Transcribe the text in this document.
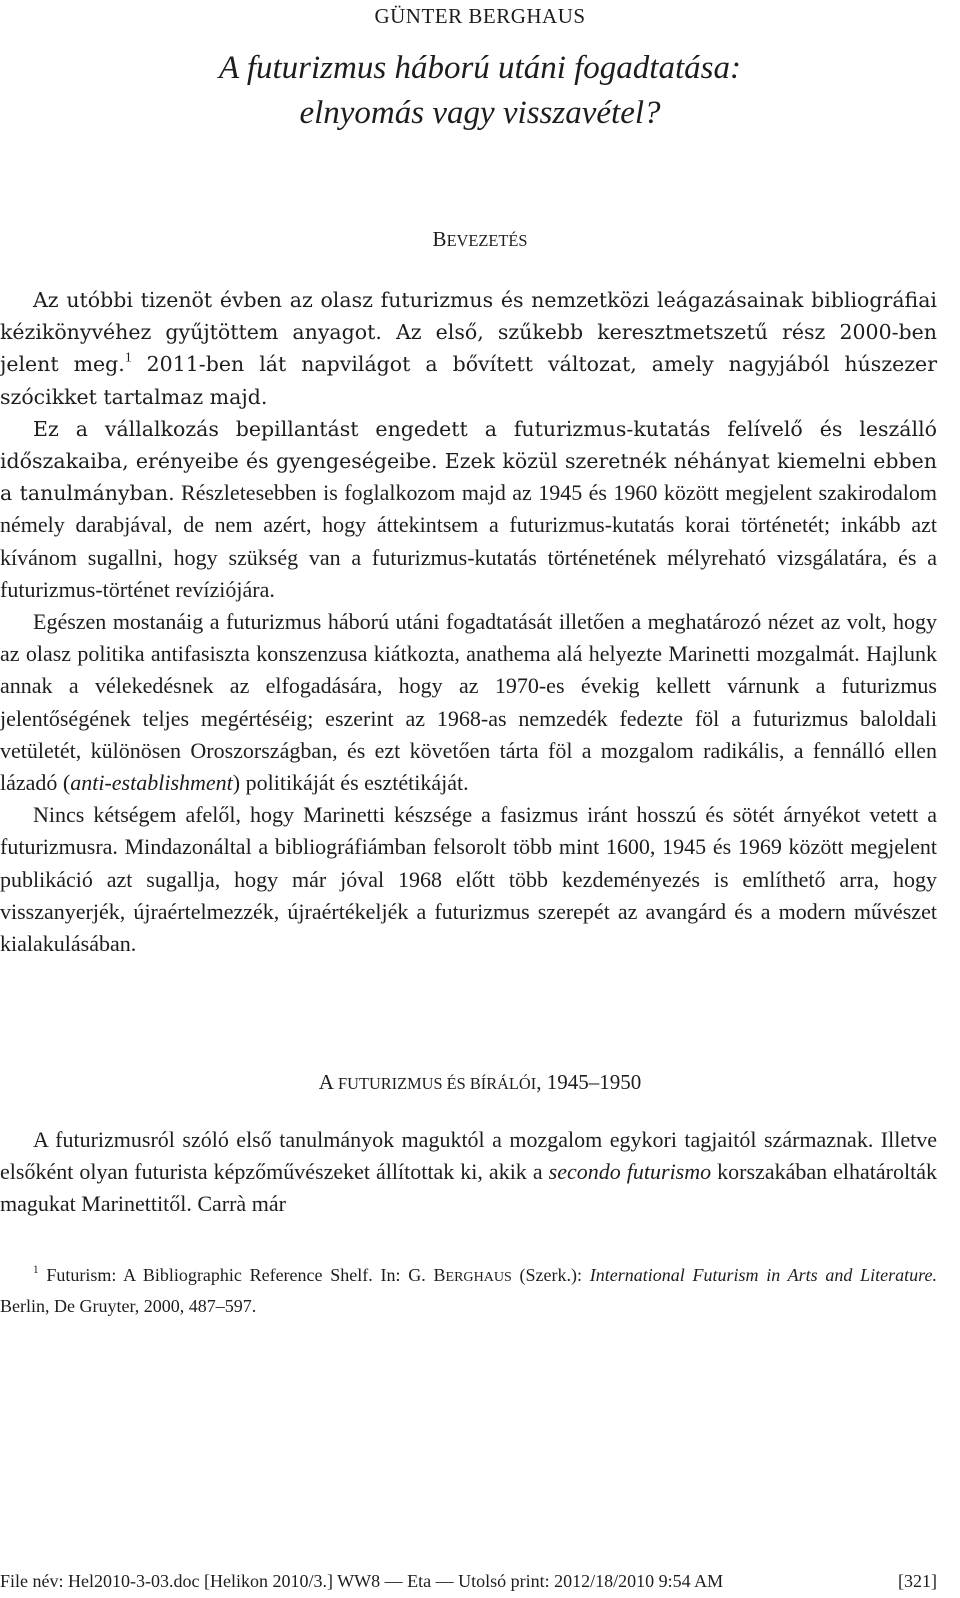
GÜNTER BERGHAUS
A futurizmus háború utáni fogadtatása:
elnyomás vagy visszavétel?
BEVEZETÉS

Az utóbbi tizenöt évben az olasz futurizmus és nemzetközi leágazásainak bibliográfiai kézikönyvéhez gyűjtöttem anyagot. Az első, szűkebb keresztmetszetű rész 2000-ben jelent meg.$^1$ 2011-ben lát napvilágot a bővített változat, amely nagyjából húszezer szócikket tartalmaz majd.

Ez a vállalkozás bepillantást engedett a futurizmus-kutatás felívelő és leszálló időszakaiba, erényeibe és gyengeségeibe. Ezek közül szeretnék néhányat kiemelni ebben a tanulmányban. Részletesebben is foglalkozom majd az 1945 és 1960 között megjelent szakirodalom némely darabjával, de nem azért, hogy áttekintsem a futurizmus-kutatás korai történetét; inkább azt kívánom sugallni, hogy szükség van a futurizmus-kutatás történetének mélyreható vizsgálatára, és a futurizmus-történet revíziójára.

Egészen mostanáig a futurizmus háború utáni fogadtatását illetően a meghatározó nézet az volt, hogy az olasz politika antifasiszta konszenzusa kiátkozta, anathema alá helyezte Marinetti mozgalmát. Hajlunk annak a vélekedésnek az elfogadására, hogy az 1970-es évekig kellett várnunk a futurizmus jelentőségének teljes megértéséig; eszerint az 1968-as nemzedék fedezte föl a futurizmus baloldali vetületét, különösen Oroszországban, és ezt követően tárta föl a mozgalom radikális, a fennálló ellen lázadó (anti-establishment) politikáját és esztétikáját.

Nincs kétségem afelől, hogy Marinetti készsége a fasizmus iránt hosszú és sötét árnyékot vetett a futurizmusra. Mindazonáltal a bibliográfiámban felsorolt több mint 1600, 1945 és 1969 között megjelent publikáció azt sugallja, hogy már jóval 1968 előtt több kezdeményezés is említhető arra, hogy visszanyerjék, újraértelmezzék, újraértékeljék a futurizmus szerepét az avangárd és a modern művészet kialakulásában.

A FUTURIZMUS ÉS BÍRÁLÓI, 1945–1950

A futurizmusról szóló első tanulmányok maguktól a mozgalom egykori tagjaitól származnak. Illetve elsőként olyan futurista képzőművészeket állítottak ki, akik a secondo futurismo korszakában elhatárolták magukat Marinettitől. Carrà már

$^1$ Futurism: A Bibliographic Reference Shelf. In: G. BERGHAUS (Szerk.): International Futurism in Arts and Literature. Berlin, De Gruyter, 2000, 487–597.
File név: Hel2010-3-03.doc [Helikon 2010/3.] WW8 — Eta — Utolsó print: 2012/18/2010 9:54 AM	[321]
